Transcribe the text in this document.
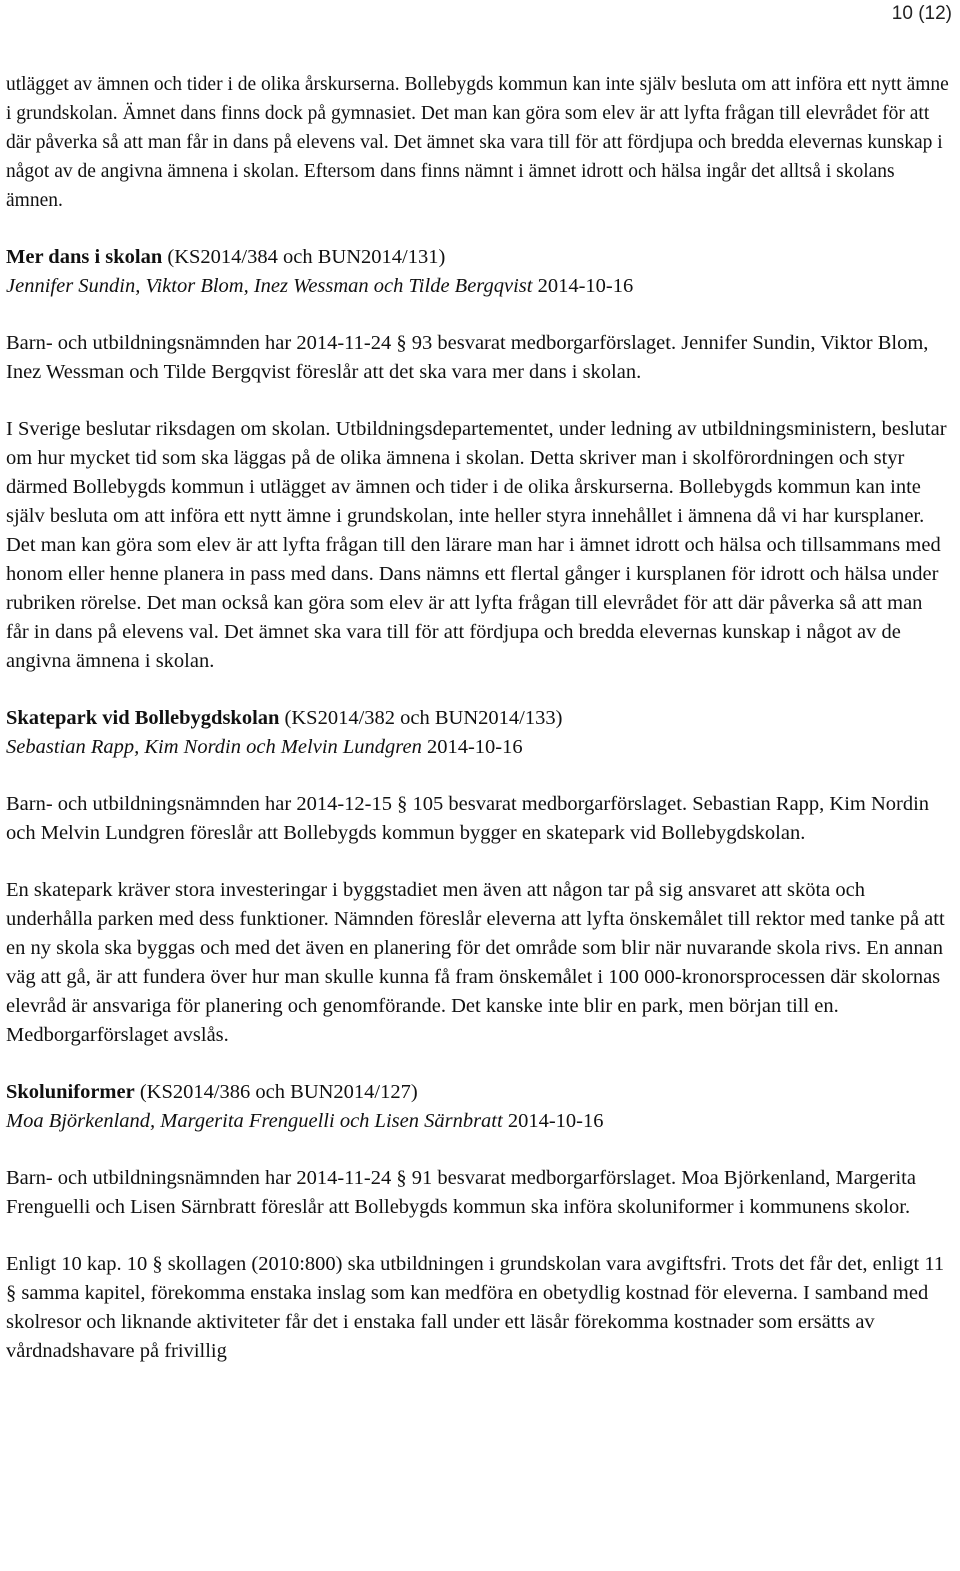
10 (12)

utlägget av ämnen och tider i de olika årskurserna. Bollebygds kommun kan inte själv besluta om att införa ett nytt ämne i grundskolan. Ämnet dans finns dock på gymnasiet. Det man kan göra som elev är att lyfta frågan till elevrådet för att där påverka så att man får in dans på elevens val. Det ämnet ska vara till för att fördjupa och bredda elevernas kunskap i något av de angivna ämnena i skolan. Eftersom dans finns nämnt i ämnet idrott och hälsa ingår det alltså i skolans ämnen.

Mer dans i skolan (KS2014/384 och BUN2014/131)
Jennifer Sundin, Viktor Blom, Inez Wessman och Tilde Bergqvist 2014-10-16

Barn- och utbildningsnämnden har 2014-11-24 § 93 besvarat medborgarförslaget. Jennifer Sundin, Viktor Blom, Inez Wessman och Tilde Bergqvist föreslår att det ska vara mer dans i skolan.

I Sverige beslutar riksdagen om skolan. Utbildningsdepartementet, under ledning av utbildningsministern, beslutar om hur mycket tid som ska läggas på de olika ämnena i skolan. Detta skriver man i skolförordningen och styr därmed Bollebygds kommun i utlägget av ämnen och tider i de olika årskurserna. Bollebygds kommun kan inte själv besluta om att införa ett nytt ämne i grundskolan, inte heller styra innehållet i ämnena då vi har kursplaner. Det man kan göra som elev är att lyfta frågan till den lärare man har i ämnet idrott och hälsa och tillsammans med honom eller henne planera in pass med dans. Dans nämns ett flertal gånger i kursplanen för idrott och hälsa under rubriken rörelse. Det man också kan göra som elev är att lyfta frågan till elevrådet för att där påverka så att man får in dans på elevens val. Det ämnet ska vara till för att fördjupa och bredda elevernas kunskap i något av de angivna ämnena i skolan.

Skatepark vid Bollebygdskolan (KS2014/382 och BUN2014/133)
Sebastian Rapp, Kim Nordin och Melvin Lundgren 2014-10-16

Barn- och utbildningsnämnden har 2014-12-15 § 105 besvarat medborgarförslaget. Sebastian Rapp, Kim Nordin och Melvin Lundgren föreslår att Bollebygds kommun bygger en skatepark vid Bollebygdskolan.

En skatepark kräver stora investeringar i byggstadiet men även att någon tar på sig ansvaret att sköta och underhålla parken med dess funktioner. Nämnden föreslår eleverna att lyfta önskemålet till rektor med tanke på att en ny skola ska byggas och med det även en planering för det område som blir när nuvarande skola rivs. En annan väg att gå, är att fundera över hur man skulle kunna få fram önskemålet i 100 000-kronorsprocessen där skolornas elevråd är ansvariga för planering och genomförande. Det kanske inte blir en park, men början till en. Medborgarförslaget avslås.

Skoluniformer (KS2014/386 och BUN2014/127)
Moa Björkenland, Margerita Frenguelli och Lisen Särnbratt 2014-10-16

Barn- och utbildningsnämnden har 2014-11-24 § 91 besvarat medborgarförslaget. Moa Björkenland, Margerita Frenguelli och Lisen Särnbratt föreslår att Bollebygds kommun ska införa skoluniformer i kommunens skolor.

Enligt 10 kap. 10 § skollagen (2010:800) ska utbildningen i grundskolan vara avgiftsfri. Trots det får det, enligt 11 § samma kapitel, förekomma enstaka inslag som kan medföra en obetydlig kostnad för eleverna. I samband med skolresor och liknande aktiviteter får det i enstaka fall under ett läsår förekomma kostnader som ersätts av vårdnadshavare på frivillig
